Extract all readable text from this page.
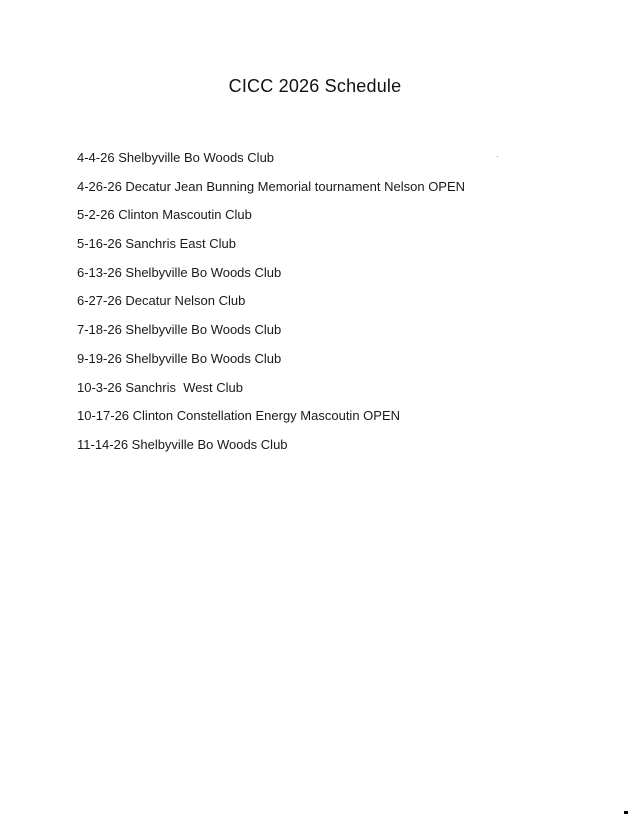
CICC 2026 Schedule
4-4-26 Shelbyville Bo Woods Club
4-26-26 Decatur Jean Bunning Memorial tournament Nelson OPEN
5-2-26 Clinton Mascoutin Club
5-16-26 Sanchris East Club
6-13-26 Shelbyville Bo Woods Club
6-27-26 Decatur Nelson Club
7-18-26 Shelbyville Bo Woods Club
9-19-26 Shelbyville Bo Woods Club
10-3-26 Sanchris  West Club
10-17-26 Clinton Constellation Energy Mascoutin OPEN
11-14-26 Shelbyville Bo Woods Club
